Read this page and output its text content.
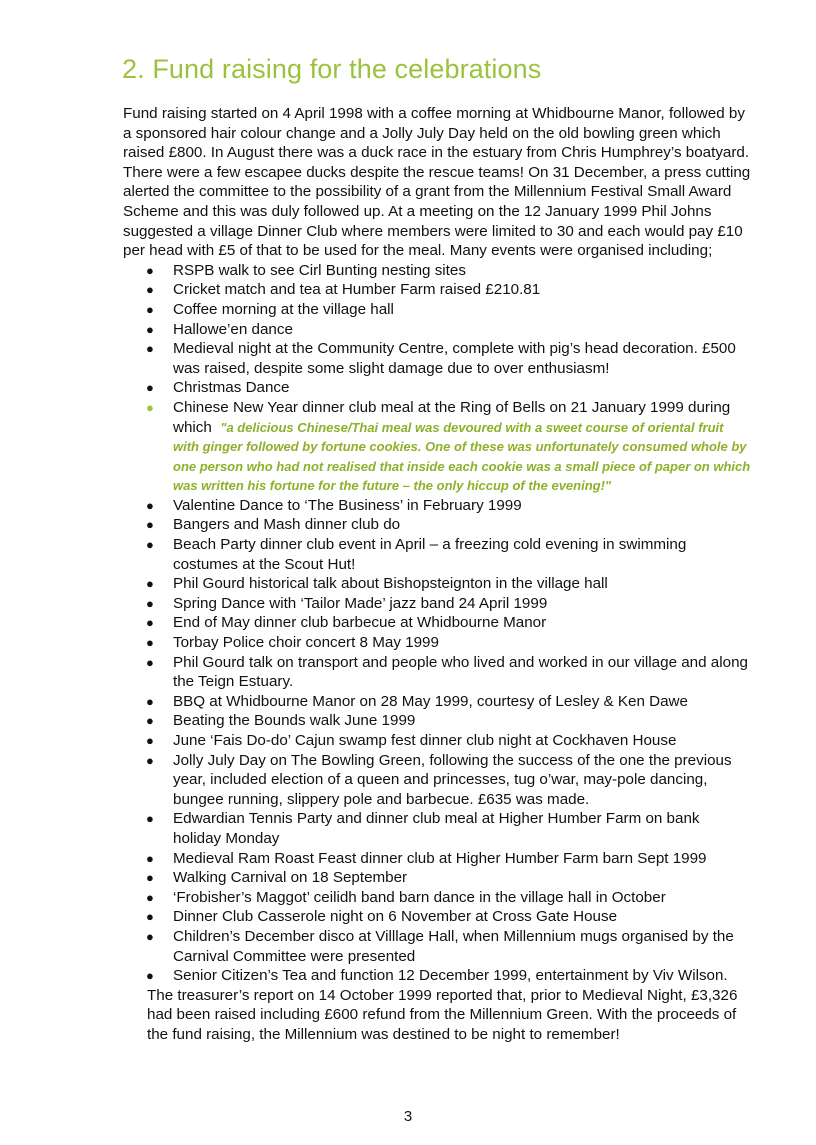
2. Fund raising for the celebrations

Fund raising started on 4 April 1998 with a coffee morning at Whidbourne Manor, followed by a sponsored hair colour change and a Jolly July Day held on the old bowling green which raised £800. In August there was a duck race in the estuary from Chris Humphrey’s boatyard. There were a few escapee ducks despite the rescue teams! On 31 December, a press cutting alerted the committee to the possibility of a grant from the Millennium Festival Small Award Scheme and this was duly followed up. At a meeting on the 12 January 1999 Phil Johns suggested a village Dinner Club where members were limited to 30 and each would pay £10 per head with £5 of that to be used for the meal. Many events were organised including;

● RSPB walk to see Cirl Bunting nesting sites
● Cricket match and tea at Humber Farm raised £210.81
● Coffee morning at the village hall
● Hallowe’en dance
● Medieval night at the Community Centre, complete with pig’s head decoration. £500 was raised, despite some slight damage due to over enthusiasm!
● Christmas Dance
● Chinese New Year dinner club meal at the Ring of Bells on 21 January 1999 during which "a delicious Chinese/Thai meal was devoured with a sweet course of oriental fruit with ginger followed by fortune cookies. One of these was unfortunately consumed whole by one person who had not realised that inside each cookie was a small piece of paper on which was written his fortune for the future – the only hiccup of the evening!"
● Valentine Dance to ‘The Business’ in February 1999
● Bangers and Mash dinner club do
● Beach Party dinner club event in April – a freezing cold evening in swimming costumes at the Scout Hut!
● Phil Gourd historical talk about Bishopsteignton in the village hall
● Spring Dance with ‘Tailor Made’ jazz band 24 April 1999
● End of May dinner club barbecue at Whidbourne Manor
● Torbay Police choir concert 8 May 1999
● Phil Gourd talk on transport and people who lived and worked in our village and along the Teign Estuary.
● BBQ at Whidbourne Manor on 28 May 1999, courtesy of Lesley & Ken Dawe
● Beating the Bounds walk June 1999
● June ‘Fais Do-do’ Cajun swamp fest dinner club night at Cockhaven House
● Jolly July Day on The Bowling Green, following the success of the one the previous year, included election of a queen and princesses, tug o’war, may-pole dancing, bungee running, slippery pole and barbecue. £635 was made.
● Edwardian Tennis Party and dinner club meal at Higher Humber Farm on bank holiday Monday
● Medieval Ram Roast Feast dinner club at Higher Humber Farm barn Sept 1999
● Walking Carnival on 18 September
● ‘Frobisher’s Maggot’ ceilidh band barn dance in the village hall in October
● Dinner Club Casserole night on 6 November at Cross Gate House
● Children’s December disco at Villlage Hall, when Millennium mugs organised by the Carnival Committee were presented
● Senior Citizen’s Tea and function 12 December 1999, entertainment by Viv Wilson.

The treasurer’s report on 14 October 1999 reported that, prior to Medieval Night, £3,326 had been raised including £600 refund from the Millennium Green. With the proceeds of the fund raising, the Millennium was destined to be night to remember!

3
